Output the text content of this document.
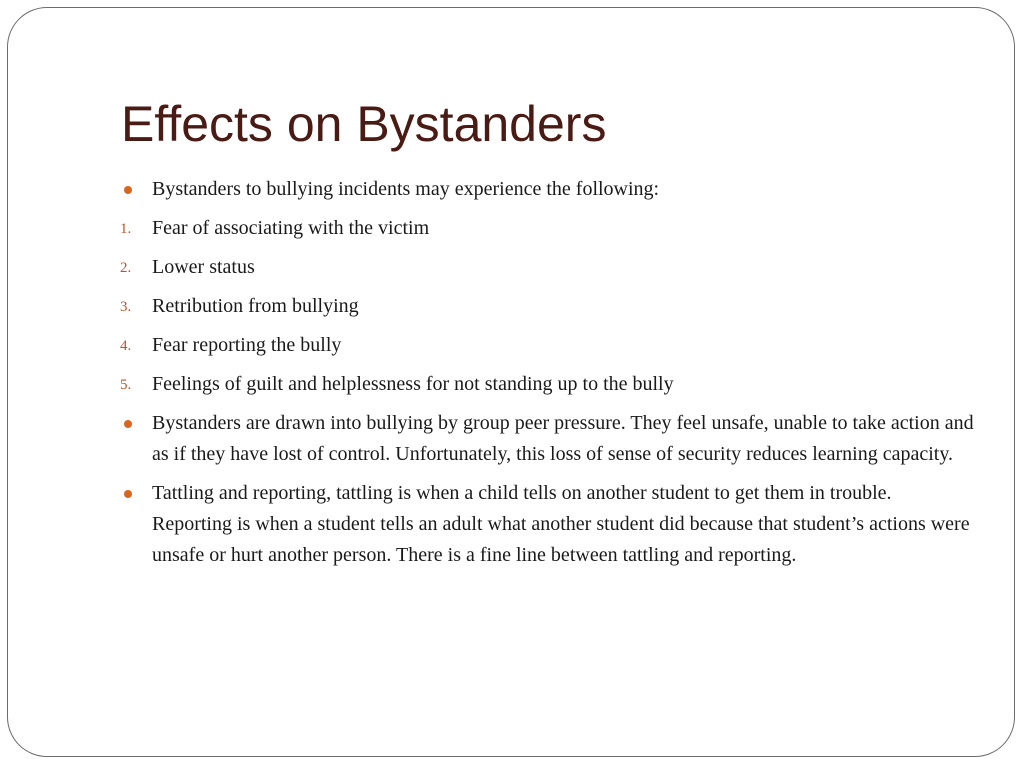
Effects on Bystanders
Bystanders to bullying incidents may experience the following:
1. Fear of associating with the victim
2. Lower status
3. Retribution from bullying
4. Fear reporting the bully
5. Feelings of guilt and helplessness for not standing up to the bully
Bystanders are drawn into bullying by group peer pressure. They feel unsafe, unable to take action and as if they have lost of control. Unfortunately, this loss of sense of security reduces learning capacity.
Tattling and reporting, tattling is when a child tells on another student to get them in trouble. Reporting is when a student tells an adult what another student did because that student’s actions were unsafe or hurt another person. There is a fine line between tattling and reporting.
